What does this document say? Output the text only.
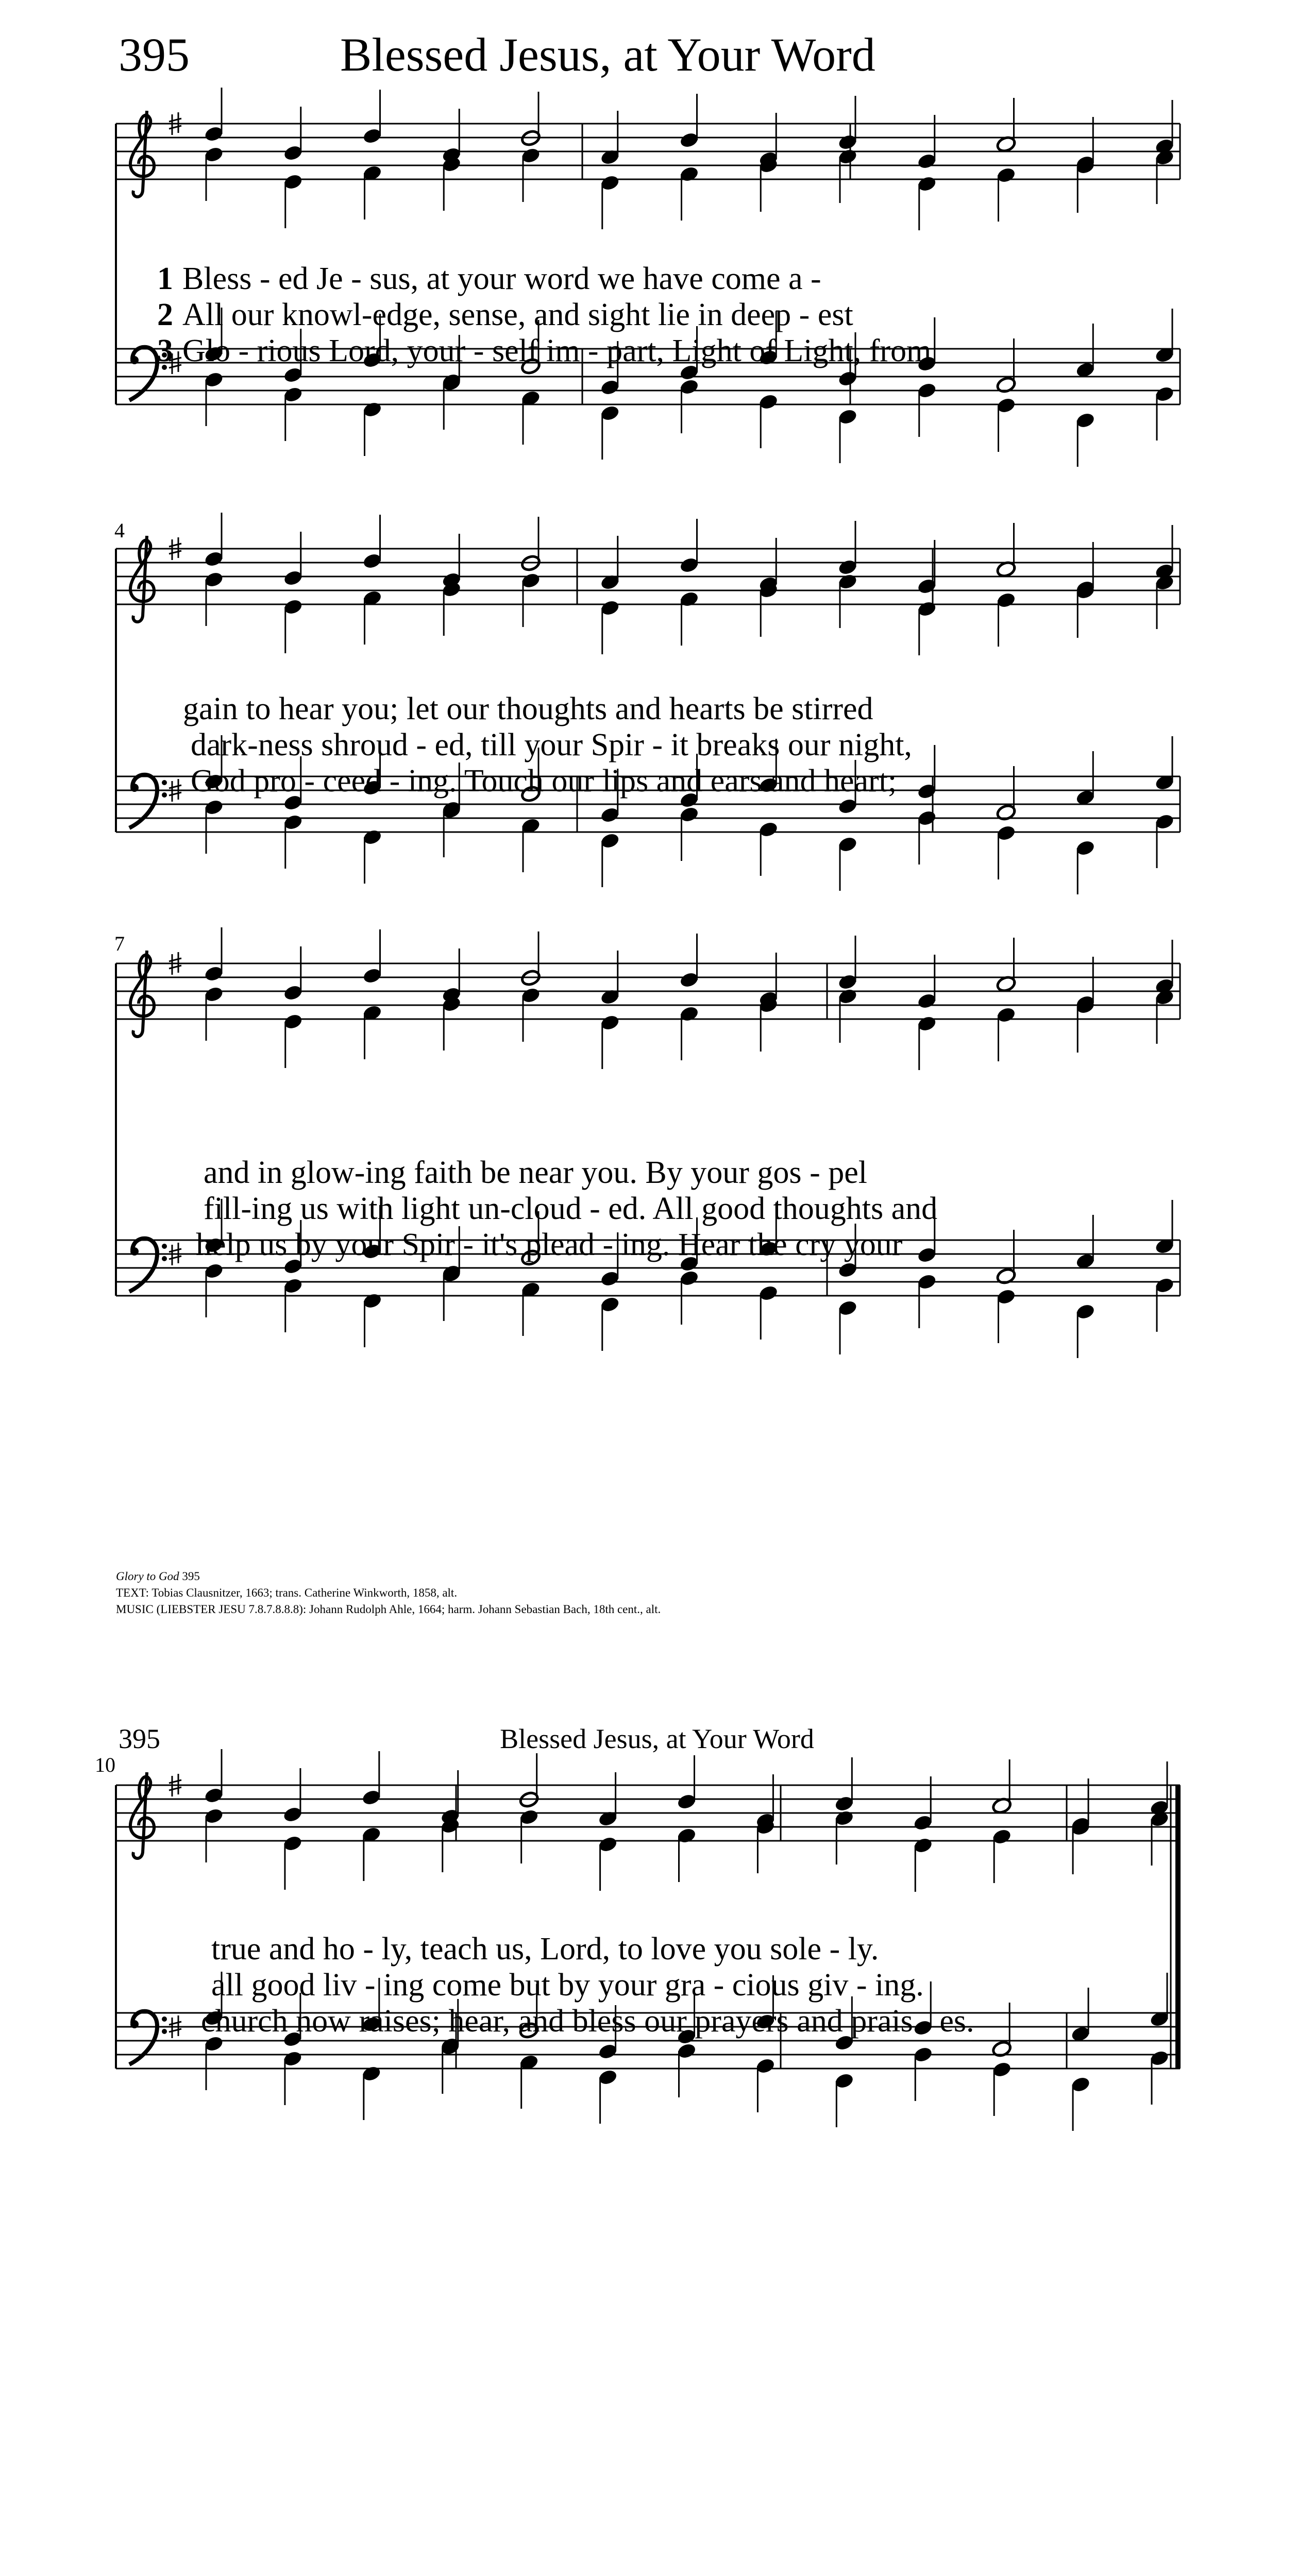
395	Blessed Jesus, at Your Word
4
7
10
1 Bless - ed Je - sus, at your word we have come a -
2 All our knowl-edge, sense, and sight lie in deep - est
3 Glo - rious Lord, your - self im - part, Light of Light, from
gain to hear you; let our thoughts and hearts be stirred
dark-ness shroud - ed, till your Spir - it breaks our night,
God pro - ceed - ing. Touch our lips and ears and heart;
and in glow-ing faith be near you. By your gos - pel
fill-ing us with light un-cloud - ed. All good thoughts and
help us by your Spir - it's plead - ing. Hear the cry your
Glory to God 395
TEXT: Tobias Clausnitzer, 1663; trans. Catherine Winkworth, 1858, alt.
MUSIC (LIEBSTER JESU 7.8.7.8.8.8): Johann Rudolph Ahle, 1664; harm. Johann Sebastian Bach, 18th cent., alt.
395	Blessed Jesus, at Your Word
true and ho - ly, teach us, Lord, to love you sole - ly.
all good liv - ing come but by your gra - cious giv - ing.
church now raises; hear, and bless our prayers and prais - es.
